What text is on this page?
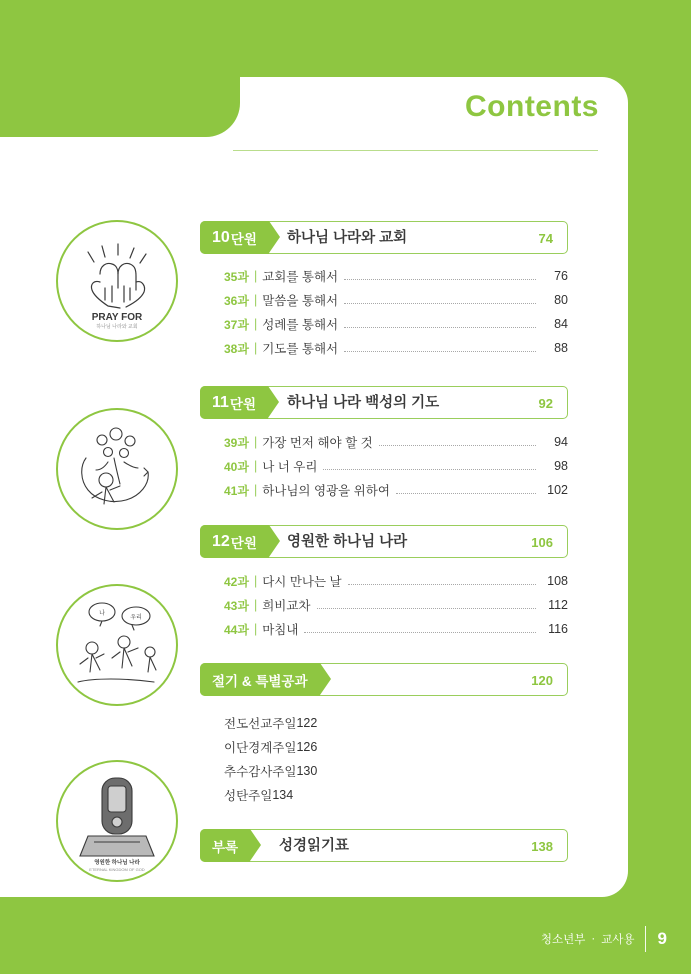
Contents
PRAY FOR
하나님 나라와 교회
나
우리
영원한 하나님 나라
ETERNAL KINGDOM OF GOD
10 단원 하나님 나라와 교회	74
35과 | 교회를 통해서	76
36과 | 말씀을 통해서	80
37과 | 성례를 통해서	84
38과 | 기도를 통해서	88
11 단원 하나님 나라 백성의 기도	92
39과 | 가장 먼저 해야 할 것	94
40과 | 나 너 우리	98
41과 | 하나님의 영광을 위하여	102
12 단원 영원한 하나님 나라	106
42과 | 다시 만나는 날	108
43과 | 희비교차	112
44과 | 마침내	116
절기 & 특별공과	120
전도선교주일 122
이단경계주일 126
추수감사주일 130
성탄주일 134
부록	성경읽기표	138
청소년부 · 교사용 9
